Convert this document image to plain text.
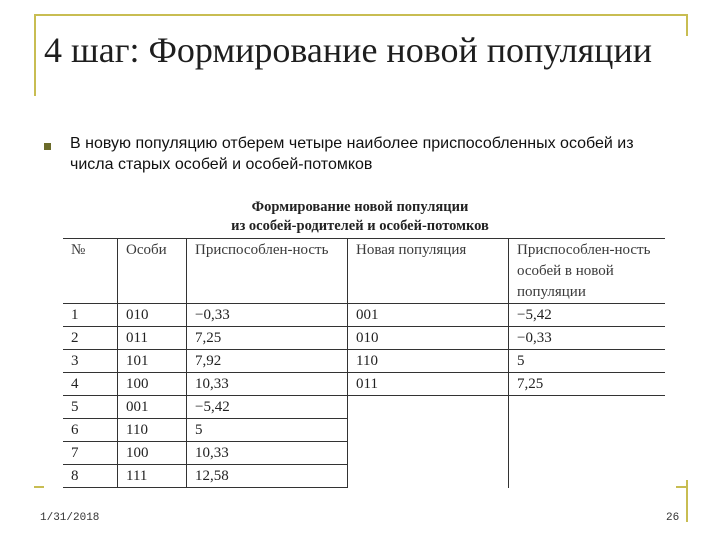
4 шаг: Формирование новой популяции
В новую популяцию отберем четыре наиболее приспособленных особей из числа старых особей и особей-потомков
Формирование новой популяции
из особей-родителей и особей-потомков
№	Особи	Приспособлен-ность	Новая популяция	Приспособлен-ность особей в новой популяции
1	010	−0,33	001	−5,42
2	011	7,25	010	−0,33
3	101	7,92	110	5
4	100	10,33	011	7,25
5	001	−5,42		
6	110	5		
7	100	10,33		
8	111	12,58		
1/31/2018	26
